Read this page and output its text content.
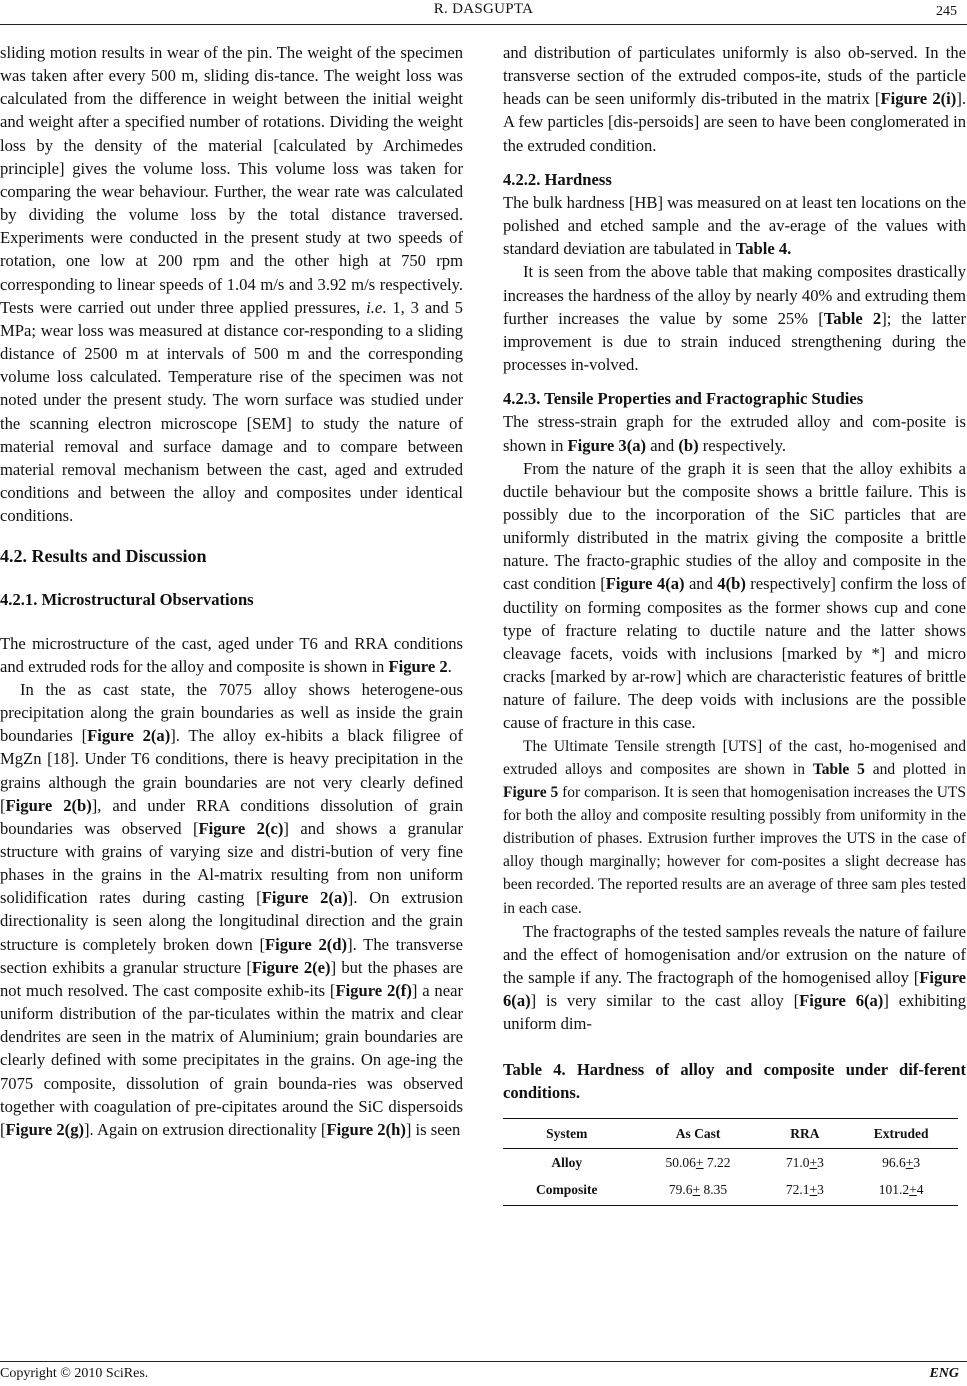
R. DASGUPTA	245

sliding motion results in wear of the pin. The weight of the specimen was taken after every 500 m, sliding dis-tance. The weight loss was calculated from the difference in weight between the initial weight and weight after a specified number of rotations. Dividing the weight loss by the density of the material [calculated by Archimedes principle] gives the volume loss. This volume loss was taken for comparing the wear behaviour. Further, the wear rate was calculated by dividing the volume loss by the total distance traversed. Experiments were conducted in the present study at two speeds of rotation, one low at 200 rpm and the other high at 750 rpm corresponding to linear speeds of 1.04 m/s and 3.92 m/s respectively. Tests were carried out under three applied pressures, i.e. 1, 3 and 5 MPa; wear loss was measured at distance cor-responding to a sliding distance of 2500 m at intervals of 500 m and the corresponding volume loss calculated. Temperature rise of the specimen was not noted under the present study. The worn surface was studied under the scanning electron microscope [SEM] to study the nature of material removal and surface damage and to compare between material removal mechanism between the cast, aged and extruded conditions and between the alloy and composites under identical conditions.

4.2. Results and Discussion
4.2.1. Microstructural Observations

The microstructure of the cast, aged under T6 and RRA conditions and extruded rods for the alloy and composite is shown in Figure 2.

In the as cast state, the 7075 alloy shows heterogene-ous precipitation along the grain boundaries as well as inside the grain boundaries [Figure 2(a)]. The alloy ex-hibits a black filigree of MgZn [18]. Under T6 conditions, there is heavy precipitation in the grains although the grain boundaries are not very clearly defined [Figure 2(b)], and under RRA conditions dissolution of grain boundaries was observed [Figure 2(c)] and shows a granular structure with grains of varying size and distri-bution of very fine phases in the grains in the Al-matrix resulting from non uniform solidification rates during casting [Figure 2(a)]. On extrusion directionality is seen along the longitudinal direction and the grain structure is completely broken down [Figure 2(d)]. The transverse section exhibits a granular structure [Figure 2(e)] but the phases are not much resolved. The cast composite exhib-its [Figure 2(f)] a near uniform distribution of the par-ticulates within the matrix and clear dendrites are seen in the matrix of Aluminium; grain boundaries are clearly defined with some precipitates in the grains. On age-ing the 7075 composite, dissolution of grain bounda-ries was observed together with coagulation of pre-cipitates around the SiC dispersoids [Figure 2(g)]. Again on extrusion directionality [Figure 2(h)] is seen

and distribution of particulates uniformly is also ob-served. In the transverse section of the extruded compos-ite, studs of the particle heads can be seen uniformly dis-tributed in the matrix [Figure 2(i)]. A few particles [dis-persoids] are seen to have been conglomerated in the extruded condition.

4.2.2. Hardness

The bulk hardness [HB] was measured on at least ten locations on the polished and etched sample and the av-erage of the values with standard deviation are tabulated in Table 4.

It is seen from the above table that making composites drastically increases the hardness of the alloy by nearly 40% and extruding them further increases the value by some 25% [Table 2]; the latter improvement is due to strain induced strengthening during the processes in-volved.

4.2.3. Tensile Properties and Fractographic Studies

The stress-strain graph for the extruded alloy and com-posite is shown in Figure 3(a) and (b) respectively.

From the nature of the graph it is seen that the alloy exhibits a ductile behaviour but the composite shows a brittle failure. This is possibly due to the incorporation of the SiC particles that are uniformly distributed in the matrix giving the composite a brittle nature. The fracto-graphic studies of the alloy and composite in the cast condition [Figure 4(a) and 4(b) respectively] confirm the loss of ductility on forming composites as the former shows cup and cone type of fracture relating to ductile nature and the latter shows cleavage facets, voids with inclusions [marked by *] and micro cracks [marked by ar-row] which are characteristic features of brittle nature of failure. The deep voids with inclusions are the possible cause of fracture in this case.

The Ultimate Tensile strength [UTS] of the cast, ho-mogenised and extruded alloys and composites are shown in Table 5 and plotted in Figure 5 for comparison. It is seen that homogenisation increases the UTS for both the alloy and composite resulting possibly from uniformity in the distribution of phases. Extrusion further improves the UTS in the case of alloy though marginally; however for com-posites a slight decrease has been recorded. The reported results are an average of three sam ples tested in each case.

The fractographs of the tested samples reveals the nature of failure and the effect of homogenisation and/or extrusion on the nature of the sample if any. The fractograph of the homogenised alloy [Figure 6(a)] is very similar to the cast alloy [Figure 6(a)] exhibiting uniform dim-

Table 4. Hardness of alloy and composite under dif-ferent conditions.
System	As Cast	RRA	Extruded
Alloy	50.06+ 7.22	71.0+3	96.6+3
Composite	79.6+ 8.35	72.1+3	101.2+4
Copyright © 2010 SciRes.	ENG
